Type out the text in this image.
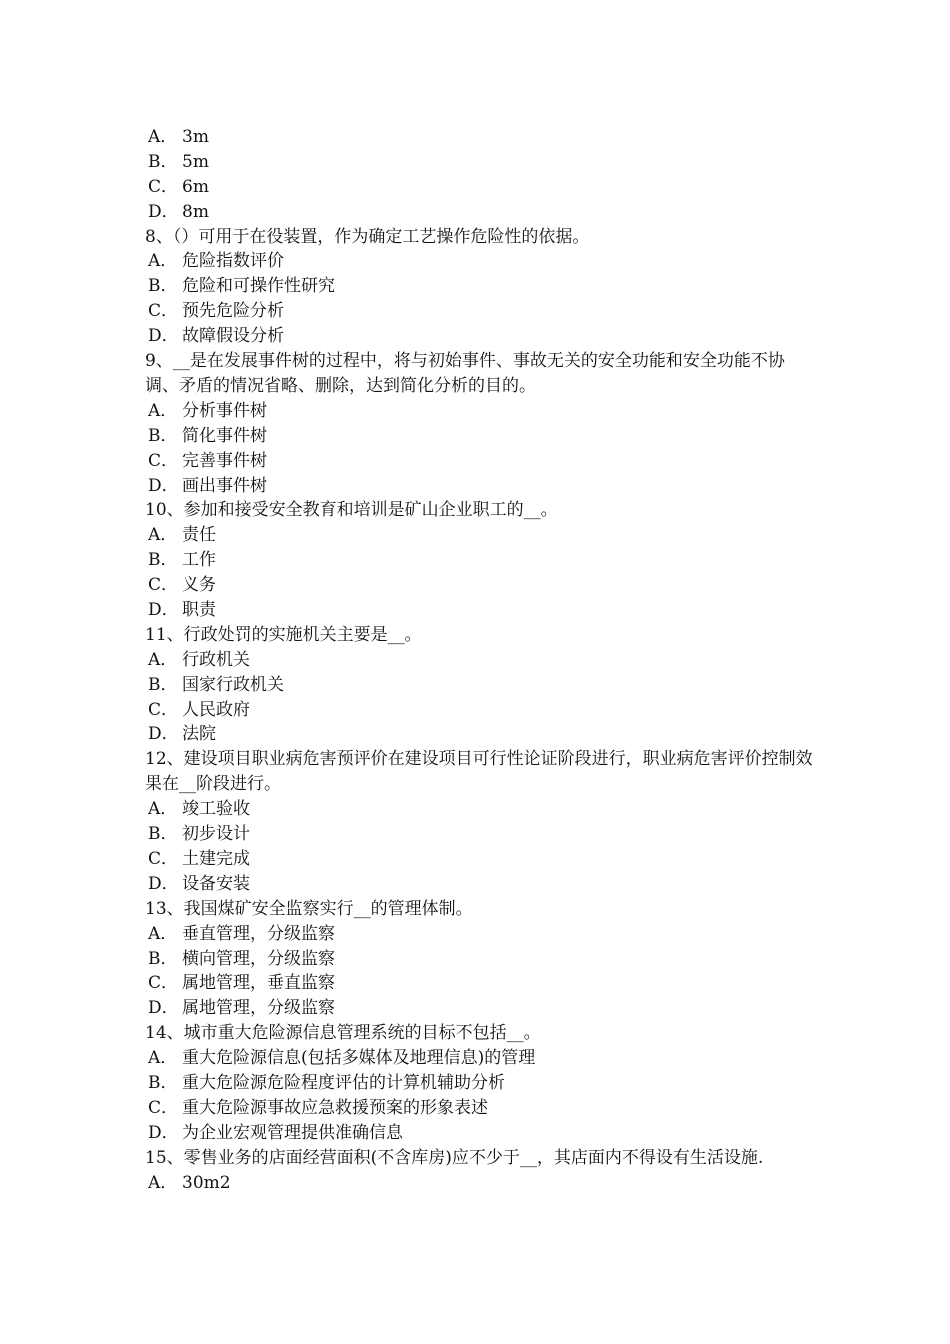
A． 3m
B． 5m
C． 6m
D． 8m
8、（）可用于在役装置，作为确定工艺操作危险性的依据。
A． 危险指数评价
B． 危险和可操作性研究
C． 预先危险分析
D． 故障假设分析
9、__是在发展事件树的过程中，将与初始事件、事故无关的安全功能和安全功能不协调、矛盾的情况省略、删除，达到简化分析的目的。
A． 分析事件树
B． 简化事件树
C． 完善事件树
D． 画出事件树
10、参加和接受安全教育和培训是矿山企业职工的__。
A． 责任
B． 工作
C． 义务
D． 职责
11、行政处罚的实施机关主要是__。
A． 行政机关
B． 国家行政机关
C． 人民政府
D． 法院
12、建设项目职业病危害预评价在建设项目可行性论证阶段进行，职业病危害评价控制效果在__阶段进行。
A． 竣工验收
B． 初步设计
C． 土建完成
D． 设备安装
13、我国煤矿安全监察实行__的管理体制。
A． 垂直管理，分级监察
B． 横向管理，分级监察
C． 属地管理，垂直监察
D． 属地管理，分级监察
14、城市重大危险源信息管理系统的目标不包括__。
A． 重大危险源信息(包括多媒体及地理信息)的管理
B． 重大危险源危险程度评估的计算机辅助分析
C． 重大危险源事故应急救援预案的形象表述
D． 为企业宏观管理提供准确信息
15、零售业务的店面经营面积(不含库房)应不少于__，其店面内不得设有生活设施.
A． 30m2
